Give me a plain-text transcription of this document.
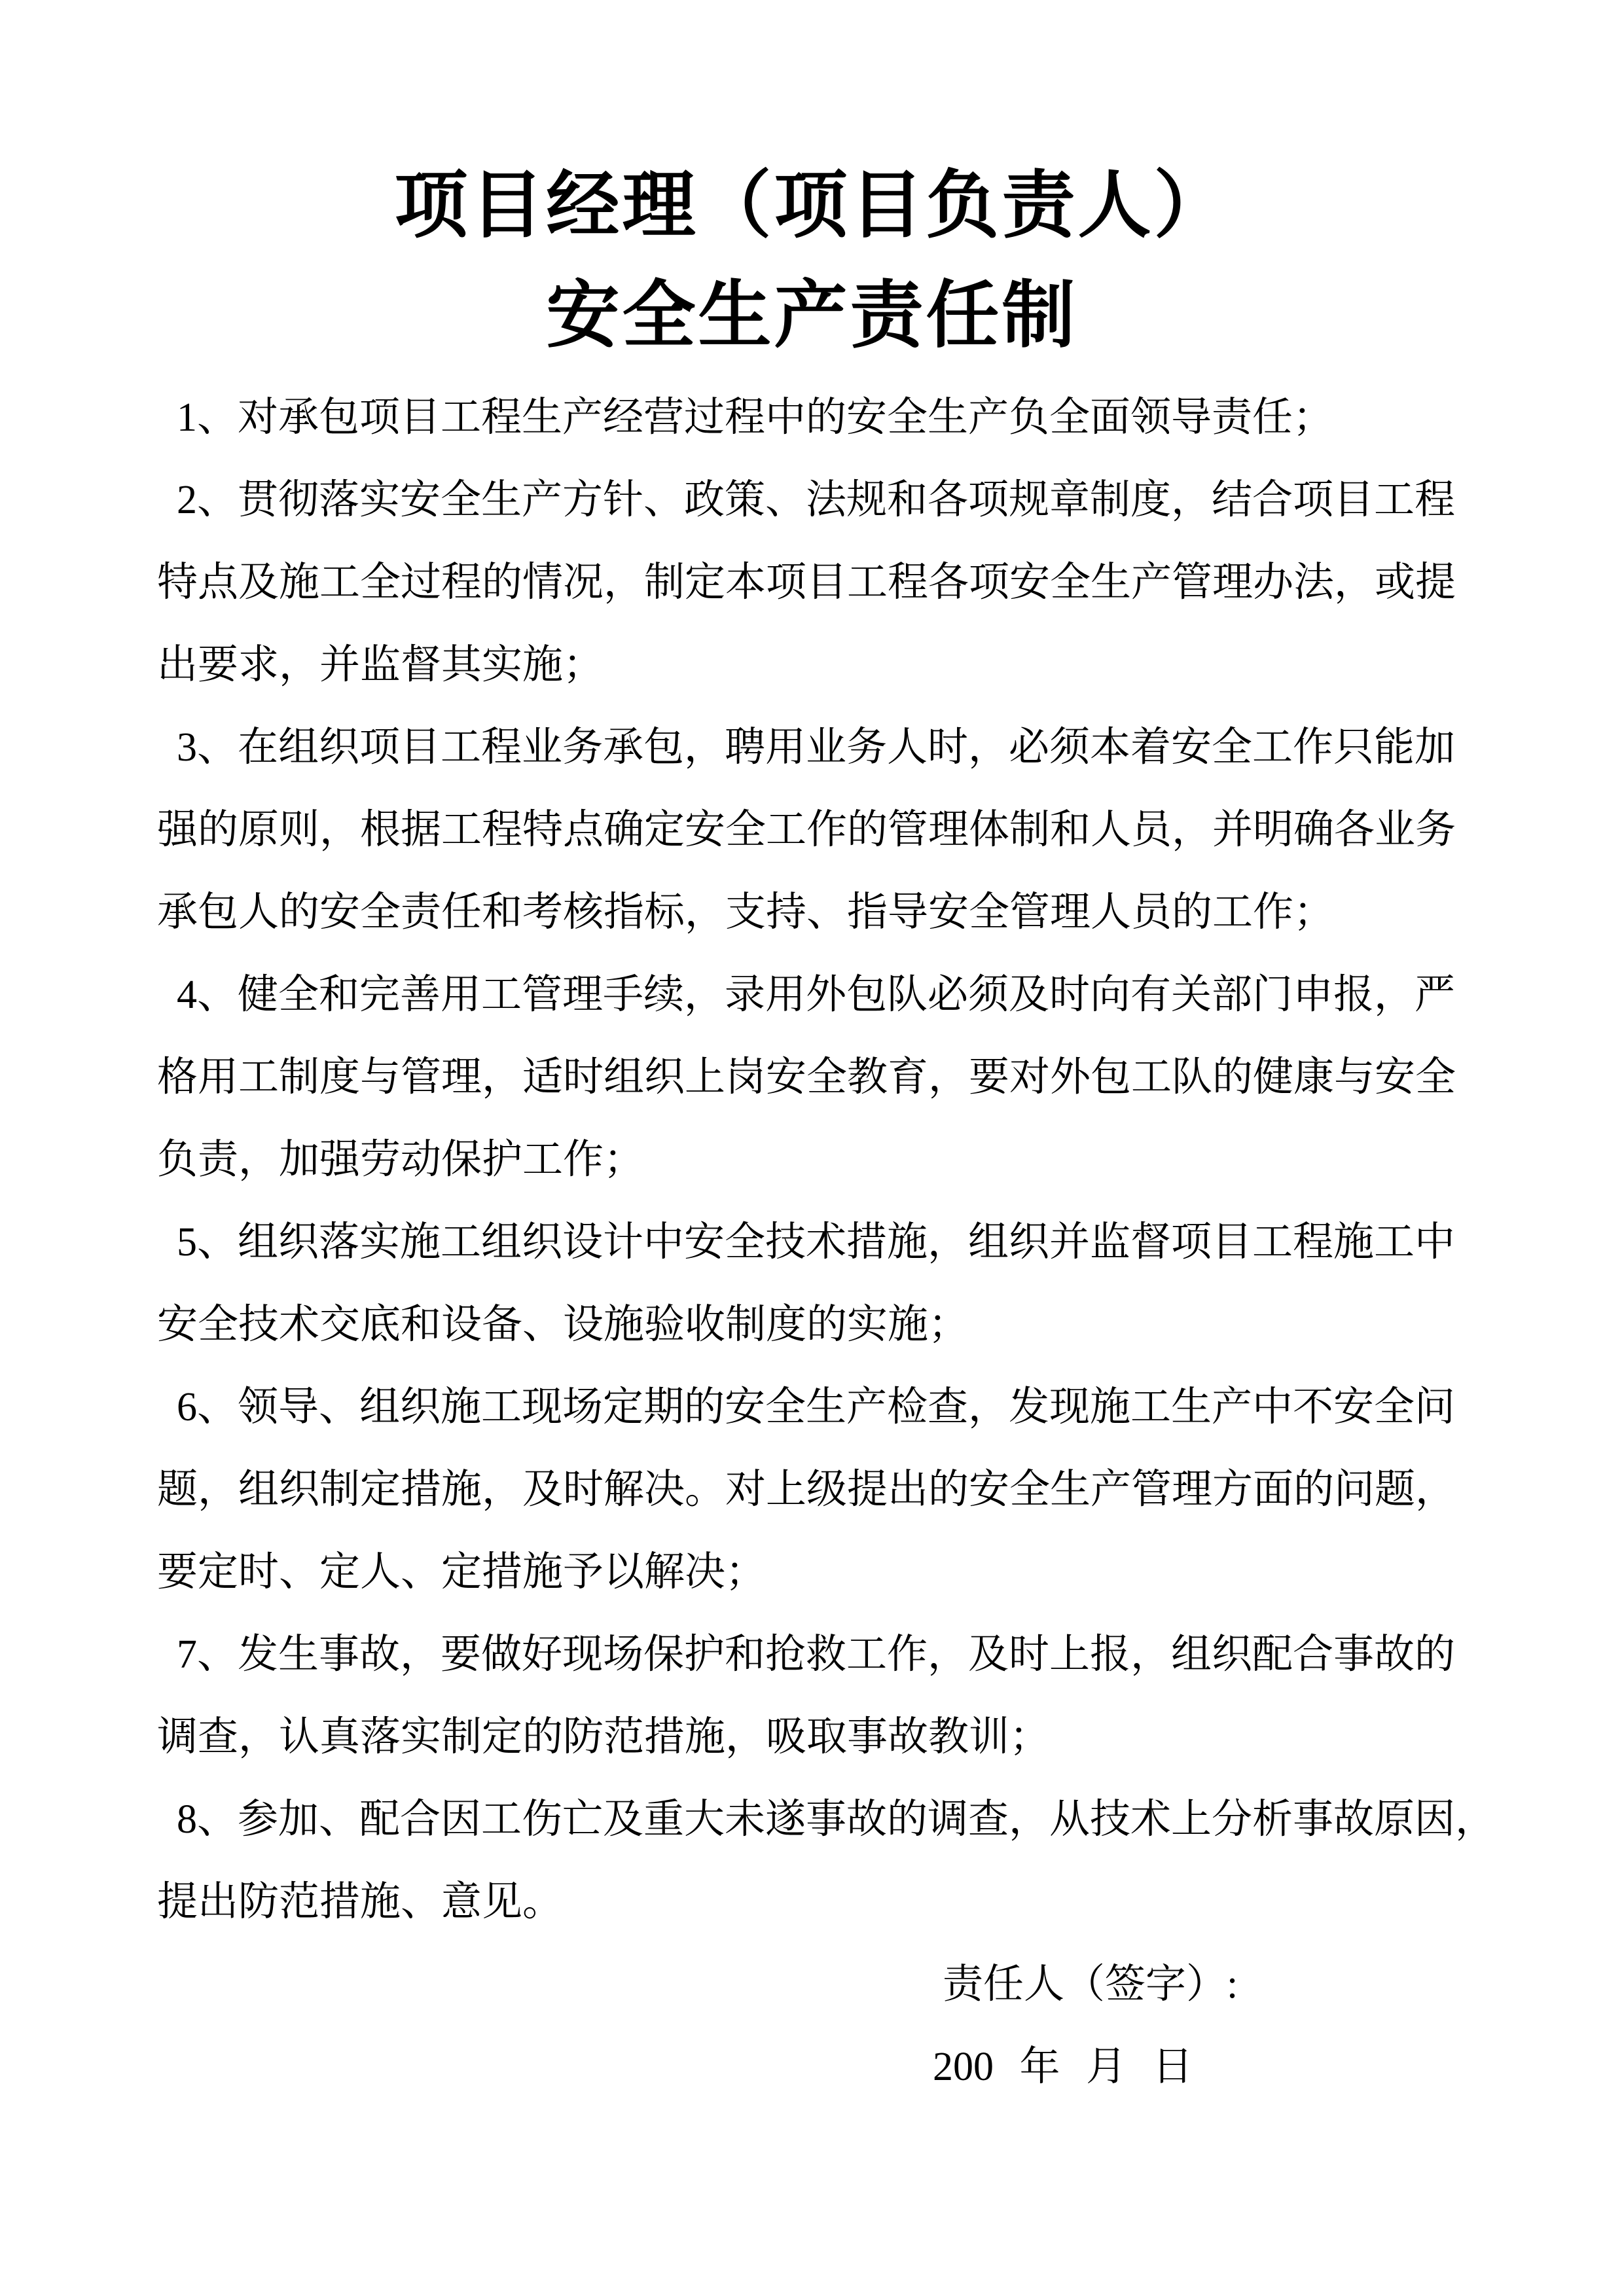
项目经理（项目负责人）
安全生产责任制
1、对承包项目工程生产经营过程中的安全生产负全面领导责任；
2、贯彻落实安全生产方针、政策、法规和各项规章制度，结合项目工程
特点及施工全过程的情况，制定本项目工程各项安全生产管理办法，或提
出要求，并监督其实施；
3、在组织项目工程业务承包，聘用业务人时，必须本着安全工作只能加
强的原则，根据工程特点确定安全工作的管理体制和人员，并明确各业务
承包人的安全责任和考核指标，支持、指导安全管理人员的工作；
4、健全和完善用工管理手续，录用外包队必须及时向有关部门申报，严
格用工制度与管理，适时组织上岗安全教育，要对外包工队的健康与安全
负责，加强劳动保护工作；
5、组织落实施工组织设计中安全技术措施，组织并监督项目工程施工中
安全技术交底和设备、设施验收制度的实施；
6、领导、组织施工现场定期的安全生产检查，发现施工生产中不安全问
题，组织制定措施，及时解决。对上级提出的安全生产管理方面的问题，
要定时、定人、定措施予以解决；
7、发生事故，要做好现场保护和抢救工作，及时上报，组织配合事故的
调查，认真落实制定的防范措施，吸取事故教训；
8、参加、配合因工伤亡及重大未遂事故的调查，从技术上分析事故原因，
提出防范措施、意见。
责任人（签字）:
200 年 月 日
